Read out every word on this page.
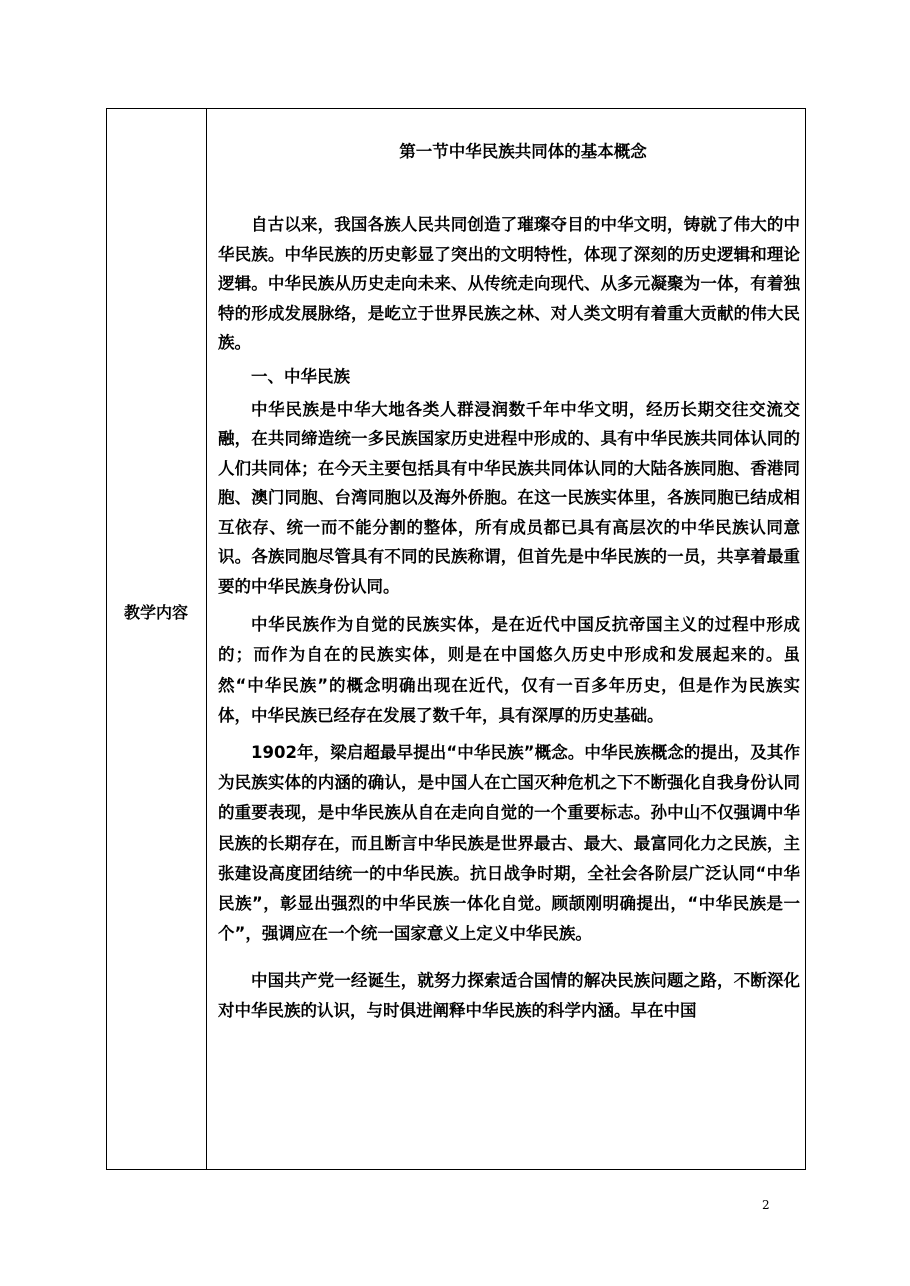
教学内容
第一节中华民族共同体的基本概念

自古以来，我国各族人民共同创造了璀璨夺目的中华文明，铸就了伟大的中华民族。中华民族的历史彰显了突出的文明特性，体现了深刻的历史逻辑和理论逻辑。中华民族从历史走向未来、从传统走向现代、从多元凝聚为一体，有着独特的形成发展脉络，是屹立于世界民族之林、对人类文明有着重大贡献的伟大民族。

一、中华民族

中华民族是中华大地各类人群浸润数千年中华文明，经历长期交往交流交融，在共同缔造统一多民族国家历史进程中形成的、具有中华民族共同体认同的人们共同体；在今天主要包括具有中华民族共同体认同的大陆各族同胞、香港同胞、澳门同胞、台湾同胞以及海外侨胞。在这一民族实体里，各族同胞已结成相互依存、统一而不能分割的整体，所有成员都已具有高层次的中华民族认同意识。各族同胞尽管具有不同的民族称谓，但首先是中华民族的一员，共享着最重要的中华民族身份认同。

中华民族作为自觉的民族实体，是在近代中国反抗帝国主义的过程中形成的；而作为自在的民族实体，则是在中国悠久历史中形成和发展起来的。虽然“中华民族”的概念明确出现在近代，仅有一百多年历史，但是作为民族实体，中华民族已经存在发展了数千年，具有深厚的历史基础。

1902年，梁启超最早提出“中华民族”概念。中华民族概念的提出，及其作为民族实体的内涵的确认，是中国人在亡国灭种危机之下不断强化自我身份认同的重要表现，是中华民族从自在走向自觉的一个重要标志。孙中山不仅强调中华民族的长期存在，而且断言中华民族是世界最古、最大、最富同化力之民族，主张建设高度团结统一的中华民族。抗日战争时期，全社会各阶层广泛认同“中华民族”，彰显出强烈的中华民族一体化自觉。顾颉刚明确提出，“中华民族是一个”，强调应在一个统一国家意义上定义中华民族。

中国共产党一经诞生，就努力探索适合国情的解决民族问题之路，不断深化对中华民族的认识，与时俱进阐释中华民族的科学内涵。早在中国

2
